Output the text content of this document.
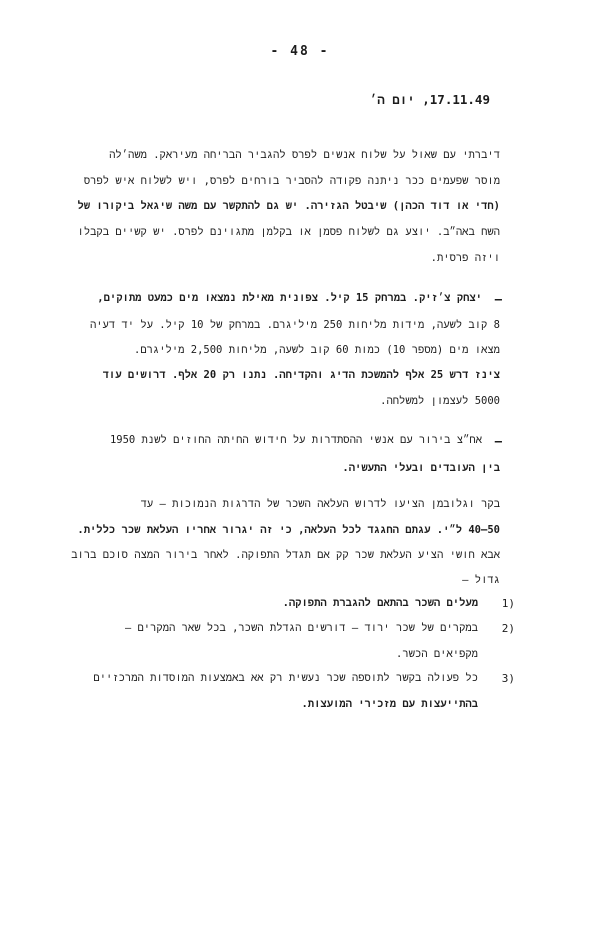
- 48 -
17.11.49, יום ה׳
דיברתי עם שאול על שלוח אנשים לפרס להגביר הבריחה מעיראק. משה׳לה
מוסר שפעמים ככר ניתנה פקודה להסביר בורחים לפרס, ויש לשלוח איש לפרס
(חדי או דוד הכהן) שיבטל הגזירה. יש גם להתקשר עם משה שיגאל ביקורו של
השח באה״ב. יוצע גם לשלוח פסמן או בקלמן מתגוינם לפרס. יש קשיים בקבלו
ויזה פרסית.
–
יצחק צ׳זיק. במרחק 15 קיל. צפונית מאילת נמצאו מים כמעט מתוקים,
8 קוב לשעה, מידות מליחות 250 מיליגרם. במרחק של 10 קיל. על יד דעיה
מצאו מים (מספר 10) כמות 60 קוב לשעה, מליחות 2,500 מיליגרם.
צינז דרש 25 אלף להמשכת הדיג והקדיחה. נתנו רק 20 אלף. דרושים עוד
5000 לעצמון למשלחה.
–
אח״צ בירור עם אנשי ההסתדרות על חידוש החיתה החוזים לשנת 1950
בין העובדים ובעלי התעשיה.
בקר וגלובמן הציעו לדרוש העלאה השכר של הדרגות הנמוכות – עד
50–40 ל״י. עגתם החגגד לכל העלאה, כי זה יגרור אחריו העלאת שכר כללית.
אבא חושי הציע העלאת שכר קק אם תגדל התפוקה. לאחר בירור המצה סוכם ברוב
גדול –
1)
מעלים השכר בהתאם להגברת התפוקה.
2)
במקרים של שכר ירוד – דורשים הגדלת השכר, בכל שאר המקרים –
מקפיאים הכשר.
3)
כל פעולה בקשר לתוספה שכר נעשית רק אא באמצעות המוסדות המרכזיים
בהתייעצות עם מזכירי המועצות.
